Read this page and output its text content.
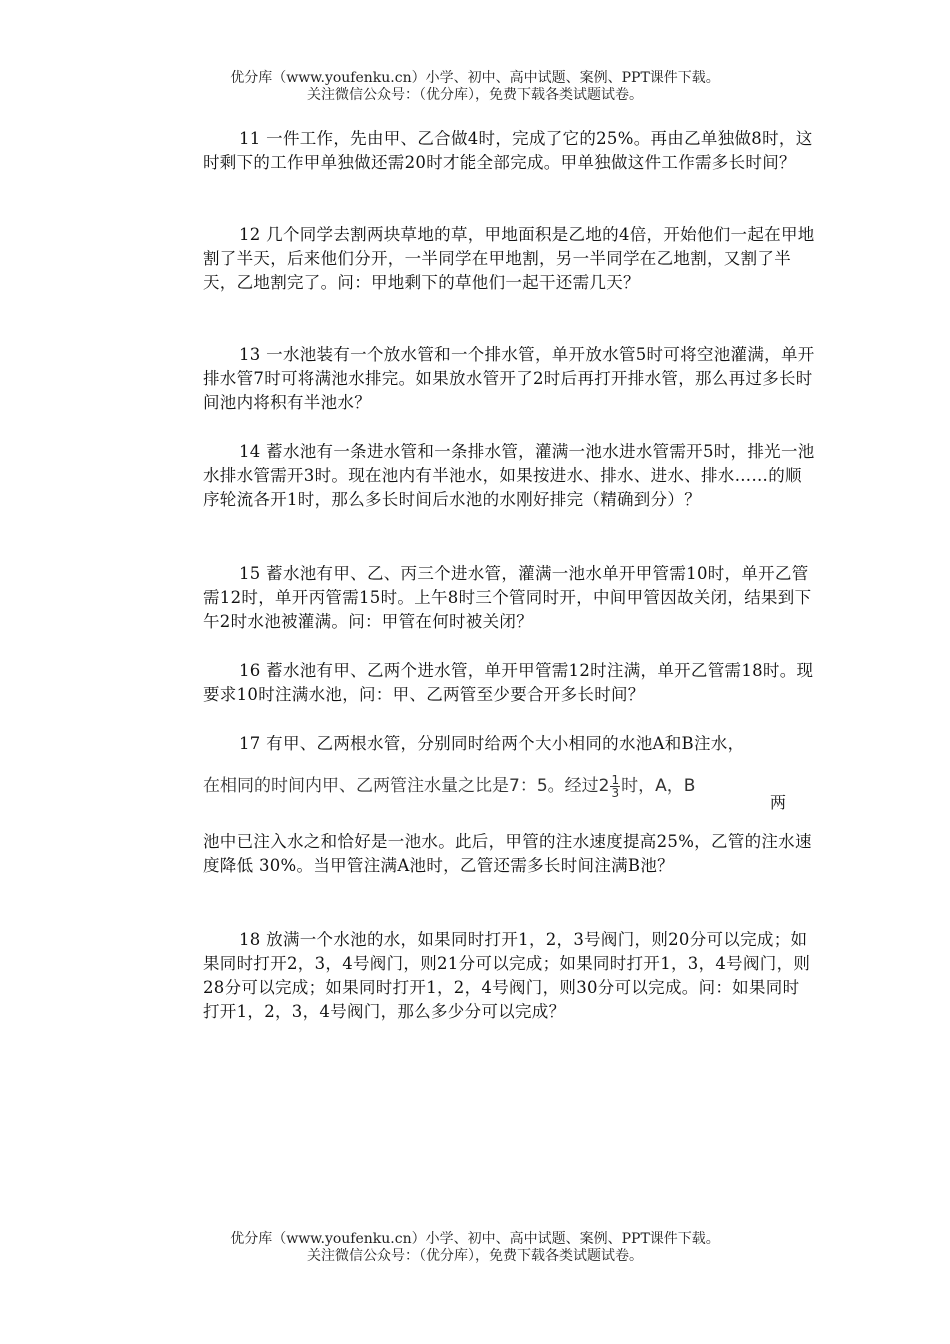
优分库（www.youfenku.cn）小学、初中、高中试题、案例、PPT课件下载。
关注微信公众号：（优分库），免费下载各类试题试卷。

11 一件工作，先由甲、乙合做4时，完成了它的25%。再由乙单独做8时，这时剩下的工作甲单独做还需20时才能全部完成。甲单独做这件工作需多长时间？

12 几个同学去割两块草地的草，甲地面积是乙地的4倍，开始他们一起在甲地割了半天，后来他们分开，一半同学在甲地割，另一半同学在乙地割，又割了半天，乙地割完了。问：甲地剩下的草他们一起干还需几天？

13 一水池装有一个放水管和一个排水管，单开放水管5时可将空池灌满，单开排水管7时可将满池水排完。如果放水管开了2时后再打开排水管，那么再过多长时间池内将积有半池水？

14 蓄水池有一条进水管和一条排水管，灌满一池水进水管需开5时，排光一池水排水管需开3时。现在池内有半池水，如果按进水、排水、进水、排水……的顺序轮流各开1时，那么多长时间后水池的水刚好排完（精确到分）？

15 蓄水池有甲、乙、丙三个进水管，灌满一池水单开甲管需10时，单开乙管需12时，单开丙管需15时。上午8时三个管同时开，中间甲管因故关闭，结果到下午2时水池被灌满。问：甲管在何时被关闭？

16 蓄水池有甲、乙两个进水管，单开甲管需12时注满，单开乙管需18时。现要求10时注满水池，问：甲、乙两管至少要合开多长时间？

17 有甲、乙两根水管，分别同时给两个大小相同的水池A和B注水，

在相同的时间内甲、乙两管注水量之比是7：5。经过$2 \frac{1}{3}$ 时，A，B
两

池中已注入水之和恰好是一池水。此后，甲管的注水速度提高25%，乙管的注水速度降低 30%。当甲管注满A池时，乙管还需多长时间注满B池？

18 放满一个水池的水，如果同时打开1，2，3号阀门，则20分可以完成；如果同时打开2，3，4号阀门，则21分可以完成；如果同时打开1，3，4号阀门，则28分可以完成；如果同时打开1，2，4号阀门，则30分可以完成。问：如果同时打开1，2，3，4号阀门，那么多少分可以完成？

优分库（www.youfenku.cn）小学、初中、高中试题、案例、PPT课件下载。
关注微信公众号：（优分库），免费下载各类试题试卷。
